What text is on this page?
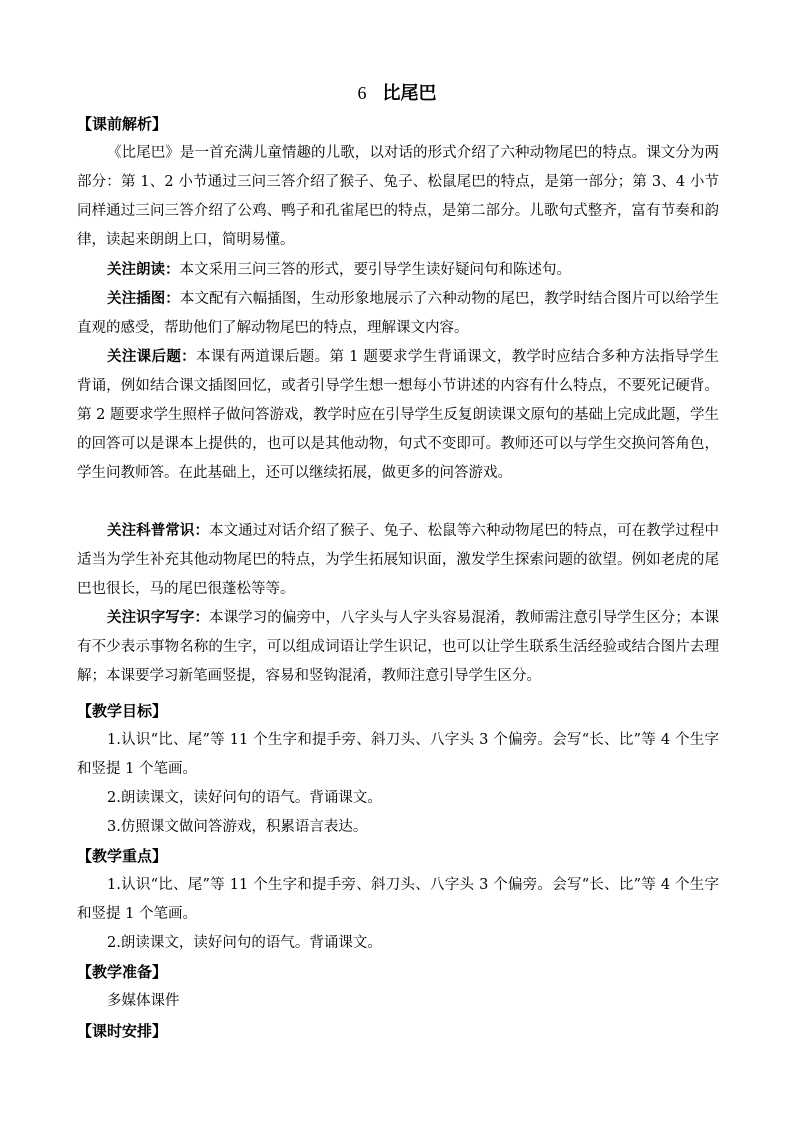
6 比尾巴
【课前解析】
《比尾巴》是一首充满儿童情趣的儿歌，以对话的形式介绍了六种动物尾巴的特点。课文分为两部分：第 1、2 小节通过三问三答介绍了猴子、兔子、松鼠尾巴的特点，是第一部分；第 3、4 小节同样通过三问三答介绍了公鸡、鸭子和孔雀尾巴的特点，是第二部分。儿歌句式整齐，富有节奏和韵律，读起来朗朗上口，简明易懂。
关注朗读：本文采用三问三答的形式，要引导学生读好疑问句和陈述句。
关注插图：本文配有六幅插图，生动形象地展示了六种动物的尾巴，教学时结合图片可以给学生直观的感受，帮助他们了解动物尾巴的特点，理解课文内容。
关注课后题：本课有两道课后题。第 1 题要求学生背诵课文，教学时应结合多种方法指导学生背诵，例如结合课文插图回忆，或者引导学生想一想每小节讲述的内容有什么特点，不要死记硬背。第 2 题要求学生照样子做问答游戏，教学时应在引导学生反复朗读课文原句的基础上完成此题，学生的回答可以是课本上提供的，也可以是其他动物，句式不变即可。教师还可以与学生交换问答角色，学生问教师答。在此基础上，还可以继续拓展，做更多的问答游戏。
关注科普常识：本文通过对话介绍了猴子、兔子、松鼠等六种动物尾巴的特点，可在教学过程中适当为学生补充其他动物尾巴的特点，为学生拓展知识面，激发学生探索问题的欲望。例如老虎的尾巴也很长，马的尾巴很蓬松等等。
关注识字写字：本课学习的偏旁中，八字头与人字头容易混淆，教师需注意引导学生区分；本课有不少表示事物名称的生字，可以组成词语让学生识记，也可以让学生联系生活经验或结合图片去理解；本课要学习新笔画竖提，容易和竖钩混淆，教师注意引导学生区分。
【教学目标】
1.认识“比、尾”等 11 个生字和提手旁、斜刀头、八字头 3 个偏旁。会写“长、比”等 4 个生字和竖提 1 个笔画。
2.朗读课文，读好问句的语气。背诵课文。
3.仿照课文做问答游戏，积累语言表达。
【教学重点】
1.认识“比、尾”等 11 个生字和提手旁、斜刀头、八字头 3 个偏旁。会写“长、比”等 4 个生字和竖提 1 个笔画。
2.朗读课文，读好问句的语气。背诵课文。
【教学准备】
多媒体课件
【课时安排】
